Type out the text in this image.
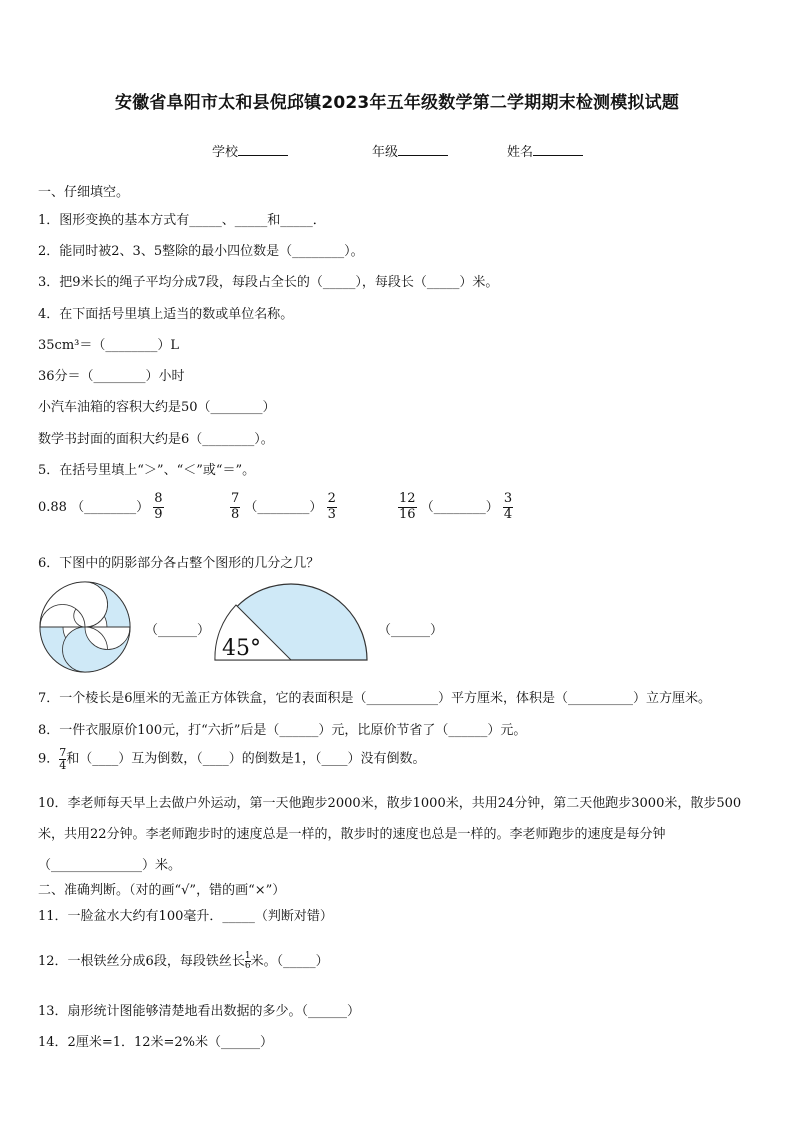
安徽省阜阳市太和县倪邱镇2023年五年级数学第二学期期末检测模拟试题
学校	年级	姓名
一、仔细填空。
1．图形变换的基本方式有_____、_____和_____．
2．能同时被2、3、5整除的最小四位数是（________）。
3．把9米长的绳子平均分成7段，每段占全长的（_____），每段长（_____）米。
4．在下面括号里填上适当的数或单位名称。
35cm³＝（________）L
36分＝（________）小时
小汽车油箱的容积大约是50（________）
数学书封面的面积大约是6（________）。
5．在括号里填上“＞”、“＜”或“＝”。
0.88 （________） $\frac{8}{9}$	$\frac{7}{8}$ （________） $\frac{2}{3}$	$\frac{12}{16}$ （________） $\frac{3}{4}$
6．下图中的阴影部分各占整个图形的几分之几？
（______）
45°
（______）
7．一个棱长是6厘米的无盖正方体铁盒，它的表面积是（___________）平方厘米，体积是（__________）立方厘米。
8．一件衣服原价100元，打“六折”后是（______）元，比原价节省了（______）元。
9． $\frac{7}{4}$ 和（____）互为倒数，（____）的倒数是1，（____）没有倒数。
10．李老师每天早上去做户外运动，第一天他跑步2000米，散步1000米，共用24分钟，第二天他跑步3000米，散步500
米，共用22分钟。李老师跑步时的速度总是一样的，散步时的速度也总是一样的。李老师跑步的速度是每分钟
（______________）米。
二、准确判断。（对的画“√”，错的画“×”）
11．一脸盆水大约有100毫升．_____（判断对错）
12．一根铁丝分成6段，每段铁丝长 $\frac{1}{6}$ 米。（_____）
13．扇形统计图能够清楚地看出数据的多少。（______）
14．2厘米=1．12米=2%米（______）
